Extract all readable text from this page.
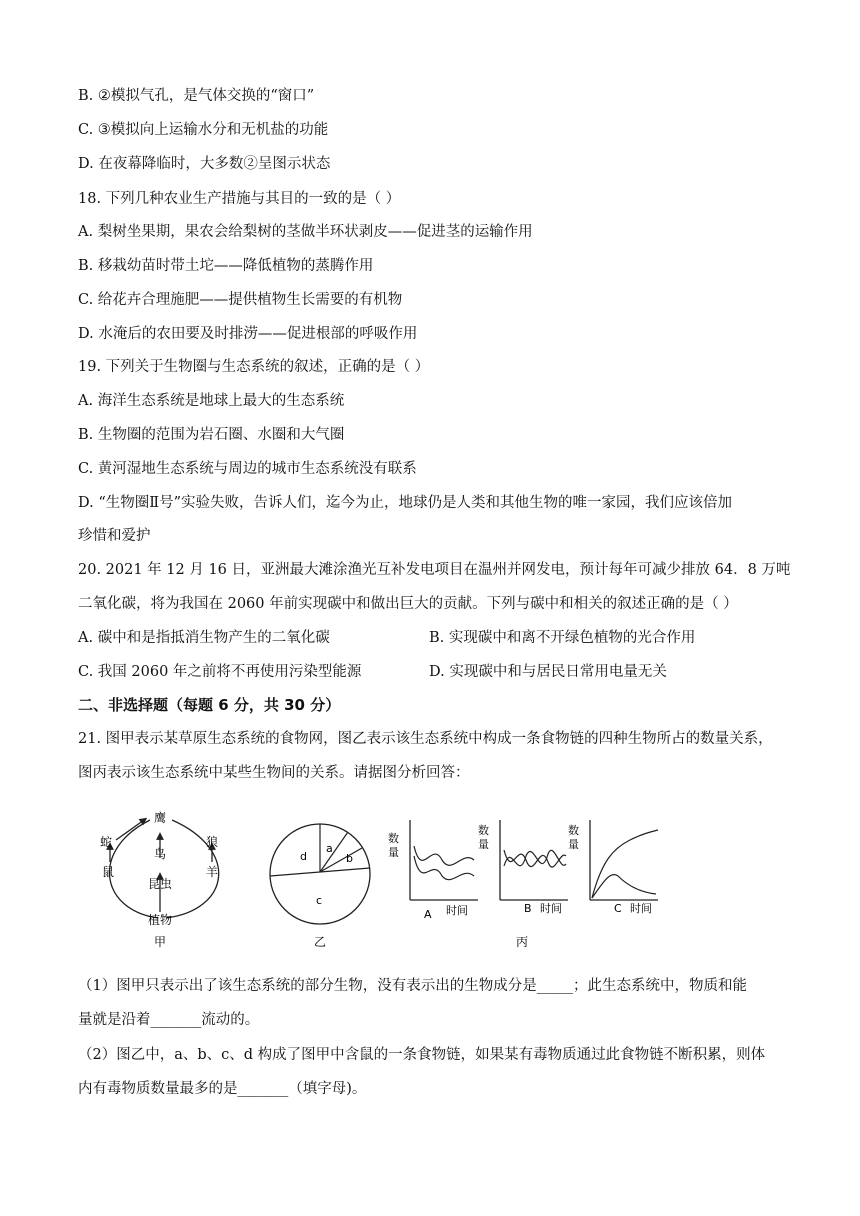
B. ②模拟气孔，是气体交换的“窗口”
C. ③模拟向上运输水分和无机盐的功能
D. 在夜幕降临时，大多数②呈图示状态
18. 下列几种农业生产措施与其目的一致的是（ ）
A. 梨树坐果期，果农会给梨树的茎做半环状剥皮——促进茎的运输作用
B. 移栽幼苗时带土坨——降低植物的蒸腾作用
C. 给花卉合理施肥——提供植物生长需要的有机物
D. 水淹后的农田要及时排涝——促进根部的呼吸作用
19. 下列关于生物圈与生态系统的叙述，正确的是（ ）
A. 海洋生态系统是地球上最大的生态系统
B. 生物圈的范围为岩石圈、水圈和大气圈
C. 黄河湿地生态系统与周边的城市生态系统没有联系
D. “生物圈Ⅱ号”实验失败，告诉人们，迄今为止，地球仍是人类和其他生物的唯一家园，我们应该倍加
珍惜和爱护
20. 2021 年 12 月 16 日，亚洲最大滩涂渔光互补发电项目在温州并网发电，预计每年可减少排放 64．8 万吨
二氧化碳，将为我国在 2060 年前实现碳中和做出巨大的贡献。下列与碳中和相关的叙述正确的是（ ）
A. 碳中和是指抵消生物产生的二氧化碳	B. 实现碳中和离不开绿色植物的光合作用
C. 我国 2060 年之前将不再使用污染型能源	D. 实现碳中和与居民日常用电量无关
二、非选择题（每题 6 分，共 30 分）
21. 图甲表示某草原生态系统的食物网，图乙表示该生态系统中构成一条食物链的四种生物所占的数量关系，
图丙表示该生态系统中某些生物间的关系。请据图分析回答：
鹰
蛇
鸟
狼
鼠
昆虫
羊
植物
甲
a
b
c
d
乙
数
量
A 时间
数
量
B 时间
数
量
C 时间
丙
（1）图甲只表示出了该生态系统的部分生物，没有表示出的生物成分是_____；此生态系统中，物质和能
量就是沿着_______流动的。
（2）图乙中，a、b、c、d 构成了图甲中含鼠的一条食物链，如果某有毒物质通过此食物链不断积累，则体
内有毒物质数量最多的是_______（填字母)。
